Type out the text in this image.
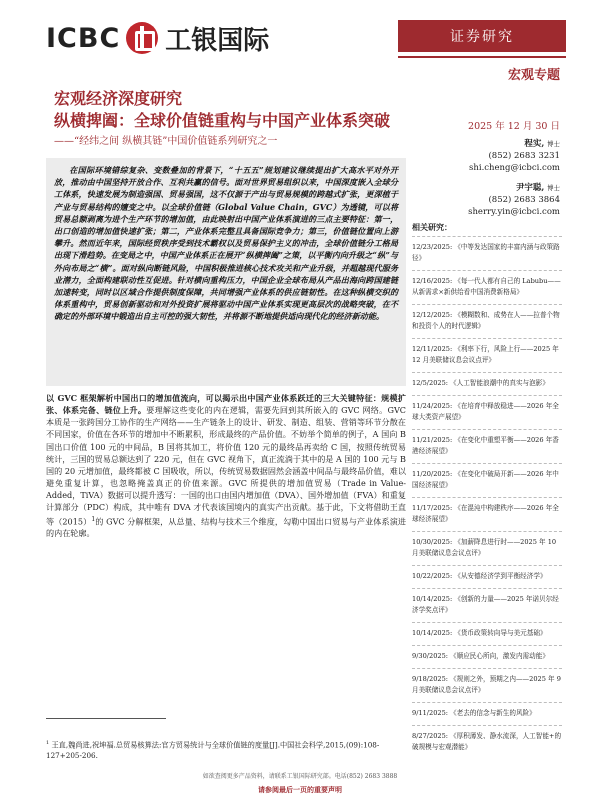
ICBC 工银国际	证券研究
宏观专题
宏观经济深度研究
纵横捭阖：全球价值链重构与中国产业体系突破
——“经纬之间 纵横其链”中国价值链系列研究之一
2025 年 12 月 30 日
程实, 博士
(852) 2683 3231
shi.cheng@icbci.com
尹宇聪, 博士
(852) 2683 3864
sherry.yin@icbci.com

在国际环境错综复杂、变数叠加的背景下，“十五五”规划建议继续提出扩大高水平对外开放，推动由中国坚持开放合作、互利共赢的信号。面对世界贸易组织以来，中国深度嵌入全球分工体系，快速发展为制造强国、贸易强国，这不仅源于产出与贸易规模的跨越式扩张，更深植于产业与贸易结构的嬗变之中。以全球价值链（Global Value Chain，GVC）为透镜，可以将贸易总额剥离为进个生产环节的增加值，由此映射出中国产业体系演进的三点主要特征：第一，出口创造的增加值快速扩张；第二，产业体系完整且具备国际竞争力；第三，价值链位置向上游攀升。然而近年来，国际经贸秩序受到技术霸权以及贸易保护主义的冲击，全球价值链分工格局出现下滑趋势。在变局之中，中国产业体系正在展开“纵横捭阖”之策，以平衡内向升级之“纵”与外向布局之“横”。面对纵向断链风险，中国积极推进核心技术攻关和产业升级，并超越现代服务业潜力，全面构建联动性互促进。针对横向重构压力，中国企业全球布局从产品出海向跨国建链加速转变，同时以区域合作提供制度保障，共同增强产业体系的供应链韧性。在这种纵横交织的体系重构中，贸易创新驱动和对外投资扩展将驱动中国产业体系实现更高层次的战略突破，在不确定的外部环境中锻造出自主可控的强大韧性，并将源不断地提供适向现代化的经济新动能。

以 GVC 框架解析中国出口的增加值流向，可以揭示出中国产业体系跃迁的三大关键特征：规模扩张、体系完备、链位上升。要理解这些变化的内在逻辑，需要先回到其所嵌入的 GVC 网络。GVC 本质是一张跨国分工协作的生产网络——生产链条上的设计、研发、制造、组装、营销等环节分散在不同国家，价值在各环节的增加中不断累积，形成最终的产品价值。不妨举个简单的例子，A 国向 B 国出口价值 100 元的中间品，B 国将其加工，将价值 120 元的最终品再卖给 C 国，按照传统贸易统计，三国的贸易总额达到了 220 元，但在 GVC 视角下，真正流淌于其中的是 A 国的 100 元与 B 国的 20 元增加值，最终都被 C 国吸收，所以，传统贸易数据固然会涵盖中间品与最终品价值，难以避免重复计算，也忽略掩盖真正的价值来源。GVC 所提供的增加值贸易（Trade in Value-Added，TiVA）数据可以提升透写：一国的出口由国内增加值（DVA）、国外增加值（FVA）和重复计算部分（PDC）构成，其中唯有 DVA 才代表该国境内的真实产出贡献。基于此，下文将借助王直等$(2015)^1$的 GVC 分解框架，从总量、结构与技术三个维度，勾勒中国出口贸易与产业体系演进的内在轮廓。

$^1$ 王直,魏尚进,祝坤福.总贸易核算法:官方贸易统计与全球价值链的度量[J].中国社会科学,2015,(09):108-127+205-206.
相关研究：
12/23/2025: 《中等发达国家的丰富内涵与政策路径》
12/16/2025: 《每一代人都有自己的 Labubu——从新需求×新供给看中国消费新格局》
12/12/2025: 《模糊数和、成势在人——拉普个物和投资个人的时代逻辑》
12/11/2025: 《利率下行，风险上行——2025 年 12 月美联储议息会议点评》
12/5/2025: 《人工智能浪潮中的真实与泡影》
11/24/2025: 《在培育中释放稳进——2026 年全球大类资产展望》
11/21/2025: 《在变化中重塑平衡——2026 年香港经济展望》
11/20/2025: 《在变化中破局开新——2026 年中国经济展望》
11/17/2025: 《在混沌中构建秩序——2026 年全球经济展望》
10/30/2025: 《加薪降息进行时——2025 年 10 月美联储议息会议点评》
10/22/2025: 《从安德经济学到平衡经济学》
10/14/2025: 《创新的力量——2025 年诺贝尔经济学奖点评》
10/14/2025: 《货币政策转向导与美元基础》
9/30/2025: 《顺应民心所向，激发内需动能》
9/18/2025: 《规则之外，预期之内——2025 年 9 月美联储议息会议点评》
9/11/2025: 《老去的信念与新生的风险》
8/27/2025: 《厚积薄发、静水流深，人工智能+的破规模与宏观潜能》
如欲查阅更多产品资料，请联系工银国际研究部。电话(852) 2683 3888
请参阅最后一页的重要声明
